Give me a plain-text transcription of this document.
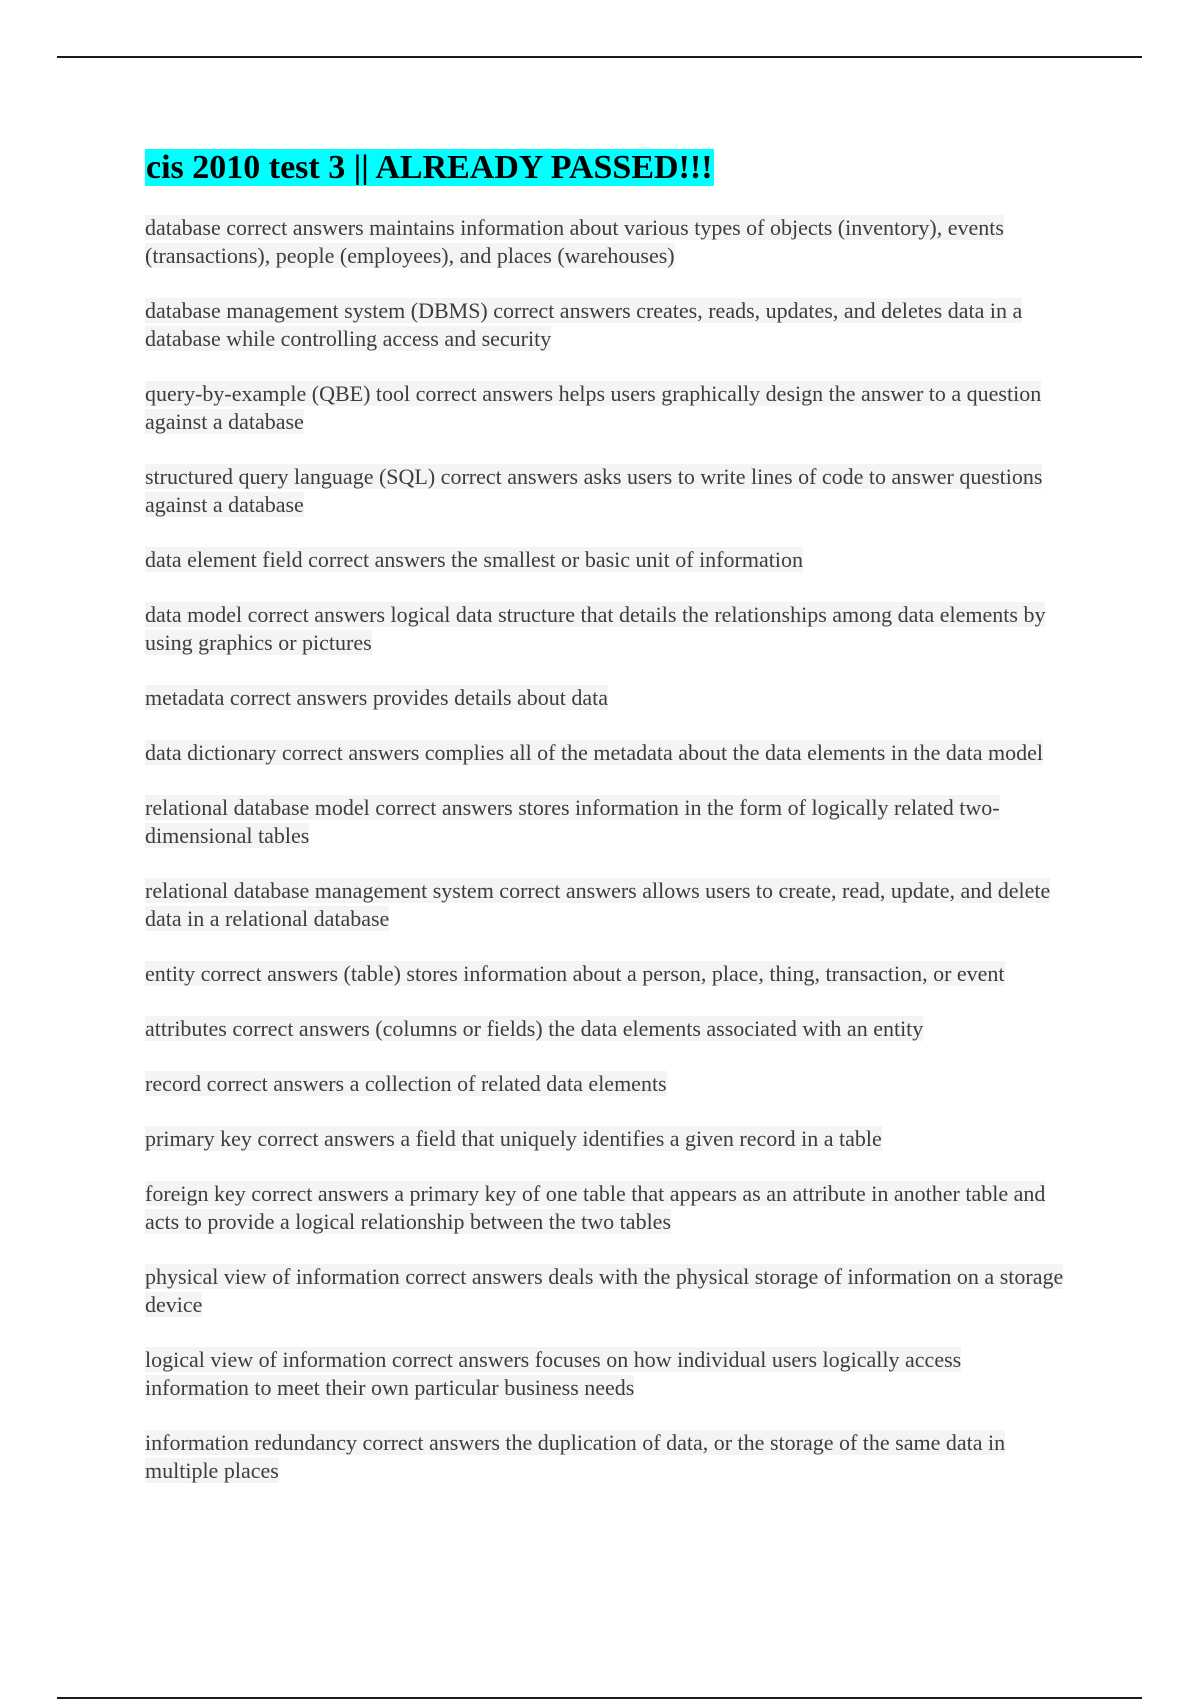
cis 2010 test 3 || ALREADY PASSED!!!

database correct answers maintains information about various types of objects (inventory), events (transactions), people (employees), and places (warehouses)

database management system (DBMS) correct answers creates, reads, updates, and deletes data in a database while controlling access and security

query-by-example (QBE) tool correct answers helps users graphically design the answer to a question against a database

structured query language (SQL) correct answers asks users to write lines of code to answer questions against a database

data element field correct answers the smallest or basic unit of information

data model correct answers logical data structure that details the relationships among data elements by using graphics or pictures

metadata correct answers provides details about data

data dictionary correct answers complies all of the metadata about the data elements in the data model

relational database model correct answers stores information in the form of logically related two-dimensional tables

relational database management system correct answers allows users to create, read, update, and delete data in a relational database

entity correct answers (table) stores information about a person, place, thing, transaction, or event

attributes correct answers (columns or fields) the data elements associated with an entity

record correct answers a collection of related data elements

primary key correct answers a field that uniquely identifies a given record in a table

foreign key correct answers a primary key of one table that appears as an attribute in another table and acts to provide a logical relationship between the two tables

physical view of information correct answers deals with the physical storage of information on a storage device

logical view of information correct answers focuses on how individual users logically access information to meet their own particular business needs

information redundancy correct answers the duplication of data, or the storage of the same data in multiple places
